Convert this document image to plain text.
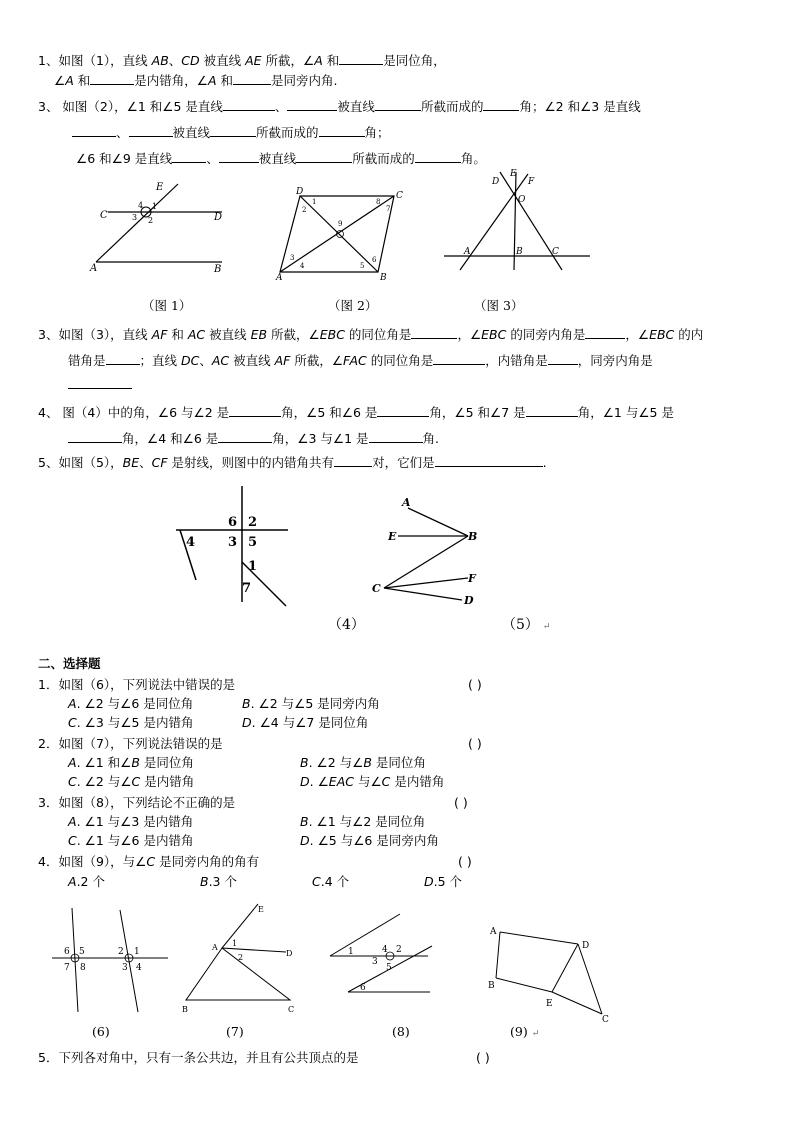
1、如图（1），直线 AB、CD 被直线 AE 所截，∠A 和	是同位角，
∠A 和	是内错角，∠A 和	是同旁内角.
3、 如图（2），∠1 和∠5 是直线	、	被直线	所截而成的	角；∠2 和∠3 是直线
、	被直线	所截而成的	角；
∠6 和∠9 是直线	、	被直线	所截而成的	角。
E
C	D
A	B
4
3
1
2
D	C
A	B
1	8
2	7
9
3
4	5
6
D
E
F
O
A	B	C
（图 1）	（图 2）	（图 3）
3、如图（3），直线 AF 和 AC 被直线 EB 所截，∠EBC 的同位角是	，∠EBC 的同旁内角是	，∠EBC 的内
错角是	；直线 DC、AC 被直线 AF 所截，∠FAC 的同位角是	，内错角是 ，同旁内角是
4、 图（4）中的角，∠6 与∠2 是	角，∠5 和∠6 是	角，∠5 和∠7 是	角，∠1 与∠5 是
角，∠4 和∠6 是	角，∠3 与∠1 是	角.
5、如图（5），BE、CF 是射线，则图中的内错角共有	对，它们是	.
6 2
3 5
4
1
7
A
E	B
F
C
D
（4）	（5） ↵
二、选择题
1．如图（6），下列说法中错误的是	( )
A. ∠2 与∠6 是同位角	B. ∠2 与∠5 是同旁内角
C. ∠3 与∠5 是内错角	D. ∠4 与∠7 是同位角
2．如图（7），下列说法错误的是	( )
A. ∠1 和∠B 是同位角	B. ∠2 与∠B 是同位角
C. ∠2 与∠C 是内错角	D. ∠EAC 与∠C 是内错角
3．如图（8），下列结论不正确的是	( )
A. ∠1 与∠3 是内错角	B. ∠1 与∠2 是同位角
C. ∠1 与∠6 是内错角	D. ∠5 与∠6 是同旁内角
4．如图（9），与∠C 是同旁内角的角有	( )
A.2 个	B.3 个	C.4 个	D.5 个
6 5
7 8
2 1
3 4
E
A 1
2	D
B	C
1	4 2
3
5
6
A
D
B
E
C
(6)	(7)	(8)	(9) ↵
5．下列各对角中，只有一条公共边，并且有公共顶点的是	( )
